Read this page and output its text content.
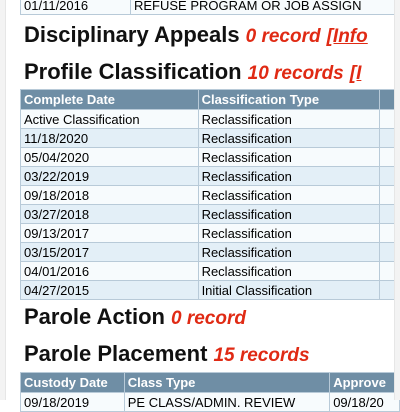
01/11/2016	REFUSE PROGRAM OR JOB ASSIGN
Disciplinary Appeals 0 record [Info
Profile Classification 10 records [I
Complete Date	Classification Type	
Active Classification	Reclassification	
11/18/2020	Reclassification	
05/04/2020	Reclassification	
03/22/2019	Reclassification	
09/18/2018	Reclassification	
03/27/2018	Reclassification	
09/13/2017	Reclassification	
03/15/2017	Reclassification	
04/01/2016	Reclassification	
04/27/2015	Initial Classification	
Parole Action 0 record
Parole Placement 15 records
Custody Date	Class Type	Approve
09/18/2019	PE CLASS/ADMIN. REVIEW	09/18/20
